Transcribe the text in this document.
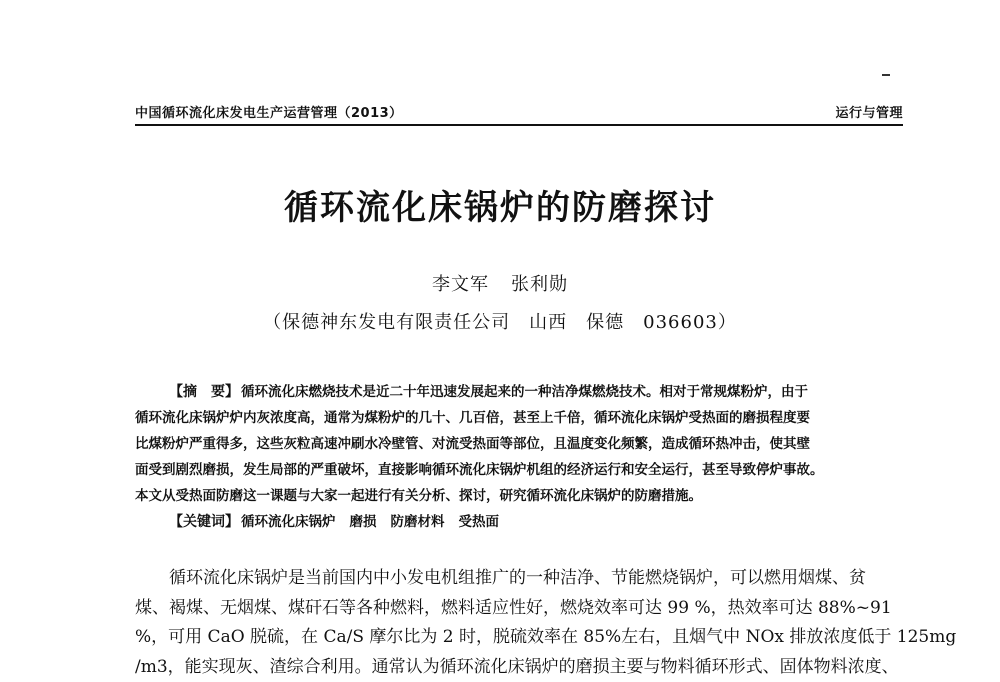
中国循环流化床发电生产运营管理（2013）	运行与管理
循环流化床锅炉的防磨探讨
李文军 张利勋
（保德神东发电有限责任公司　山西　保德　036603）
【摘　要】 循环流化床燃烧技术是近二十年迅速发展起来的一种洁净煤燃烧技术。相对于常规煤粉炉，由于
循环流化床锅炉炉内灰浓度高，通常为煤粉炉的几十、几百倍，甚至上千倍，循环流化床锅炉受热面的磨损程度要
比煤粉炉严重得多，这些灰粒高速冲刷水冷壁管、对流受热面等部位，且温度变化频繁，造成循环热冲击，使其壁
面受到剧烈磨损，发生局部的严重破坏，直接影响循环流化床锅炉机组的经济运行和安全运行，甚至导致停炉事故。
本文从受热面防磨这一课题与大家一起进行有关分析、探讨，研究循环流化床锅炉的防磨措施。
【关键词】 循环流化床锅炉 磨损 防磨材料 受热面
循环流化床锅炉是当前国内中小发电机组推广的一种洁净、节能燃烧锅炉，可以燃用烟煤、贫
煤、褐煤、无烟煤、煤矸石等各种燃料，燃料适应性好，燃烧效率可达 99 %，热效率可达 88%~91
%，可用 CaO 脱硫，在 Ca/S 摩尔比为 2 时，脱硫效率在 85%左右，且烟气中 NOx 排放浓度低于 125mg
/m3，能实现灰、渣综合利用。通常认为循环流化床锅炉的磨损主要与物料循环形式、固体物料浓度、
